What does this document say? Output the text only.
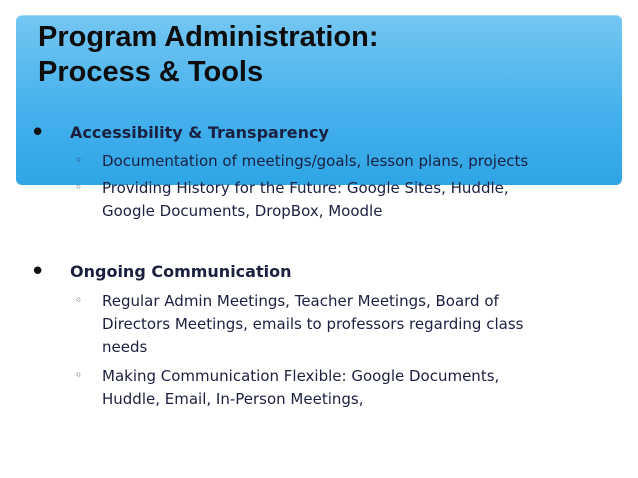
Program Administration:
Process & Tools
• Accessibility & Transparency
◦ Documentation of meetings/goals, lesson plans, projects
◦ Providing History for the Future: Google Sites, Huddle,
Google Documents, DropBox, Moodle
• Ongoing Communication
◦ Regular Admin Meetings, Teacher Meetings, Board of
Directors Meetings, emails to professors regarding class
needs
◦ Making Communication Flexible: Google Documents,
Huddle, Email, In-Person Meetings,
